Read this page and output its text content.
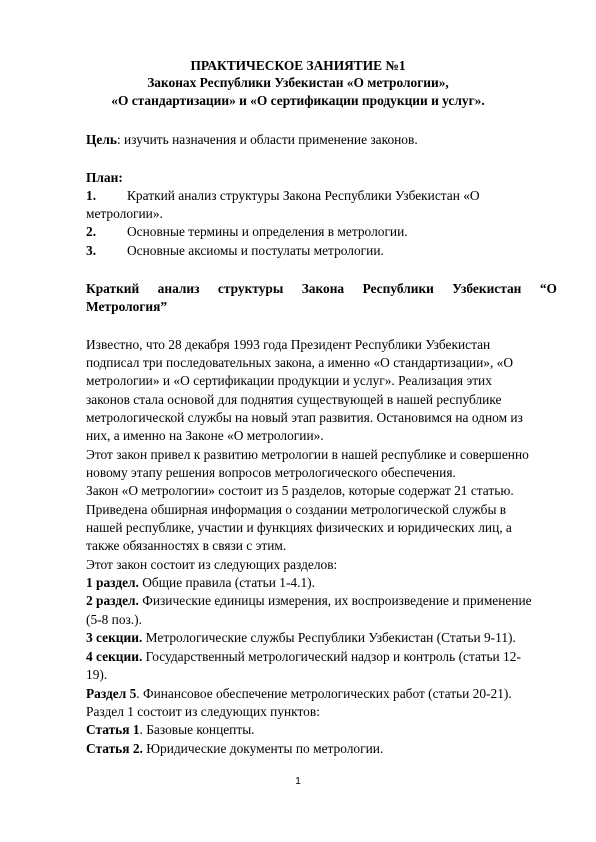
ПРАКТИЧЕСКОЕ ЗАНИЯТИЕ №1
Законах Республики Узбекистан «О метрологии»,
«О стандартизации» и «О сертификации продукции и услуг».
Цель: изучить назначения и области применение законов.
План:
1. Краткий анализ структуры Закона Республики Узбекистан «О
метрологии».
2. Основные термины и определения в метрологии.
3. Основные аксиомы и постулаты метрологии.
Краткий анализ структуры Закона Республики Узбекистан “О
Метрология”
Известно, что 28 декабря 1993 года Президент Республики Узбекистан
подписал три последовательных закона, а именно «О стандартизации», «О
метрологии» и «О сертификации продукции и услуг». Реализация этих
законов стала основой для поднятия существующей в нашей республике
метрологической службы на новый этап развития. Остановимся на одном из
них, а именно на Законе «О метрологии».
Этот закон привел к развитию метрологии в нашей республике и совершенно
новому этапу решения вопросов метрологического обеспечения.
Закон «О метрологии» состоит из 5 разделов, которые содержат 21 статью.
Приведена обширная информация о создании метрологической службы в
нашей республике, участии и функциях физических и юридических лиц, а
также обязанностях в связи с этим.
Этот закон состоит из следующих разделов:
1 раздел. Общие правила (статьи 1-4.1).
2 раздел. Физические единицы измерения, их воспроизведение и применение
(5-8 поз.).
3 секции. Метрологические службы Республики Узбекистан (Статьи 9-11).
4 секции. Государственный метрологический надзор и контроль (статьи 12-
19).
Раздел 5. Финансовое обеспечение метрологических работ (статьи 20-21).
Раздел 1 состоит из следующих пунктов:
Статья 1. Базовые концепты.
Статья 2. Юридические документы по метрологии.
1
